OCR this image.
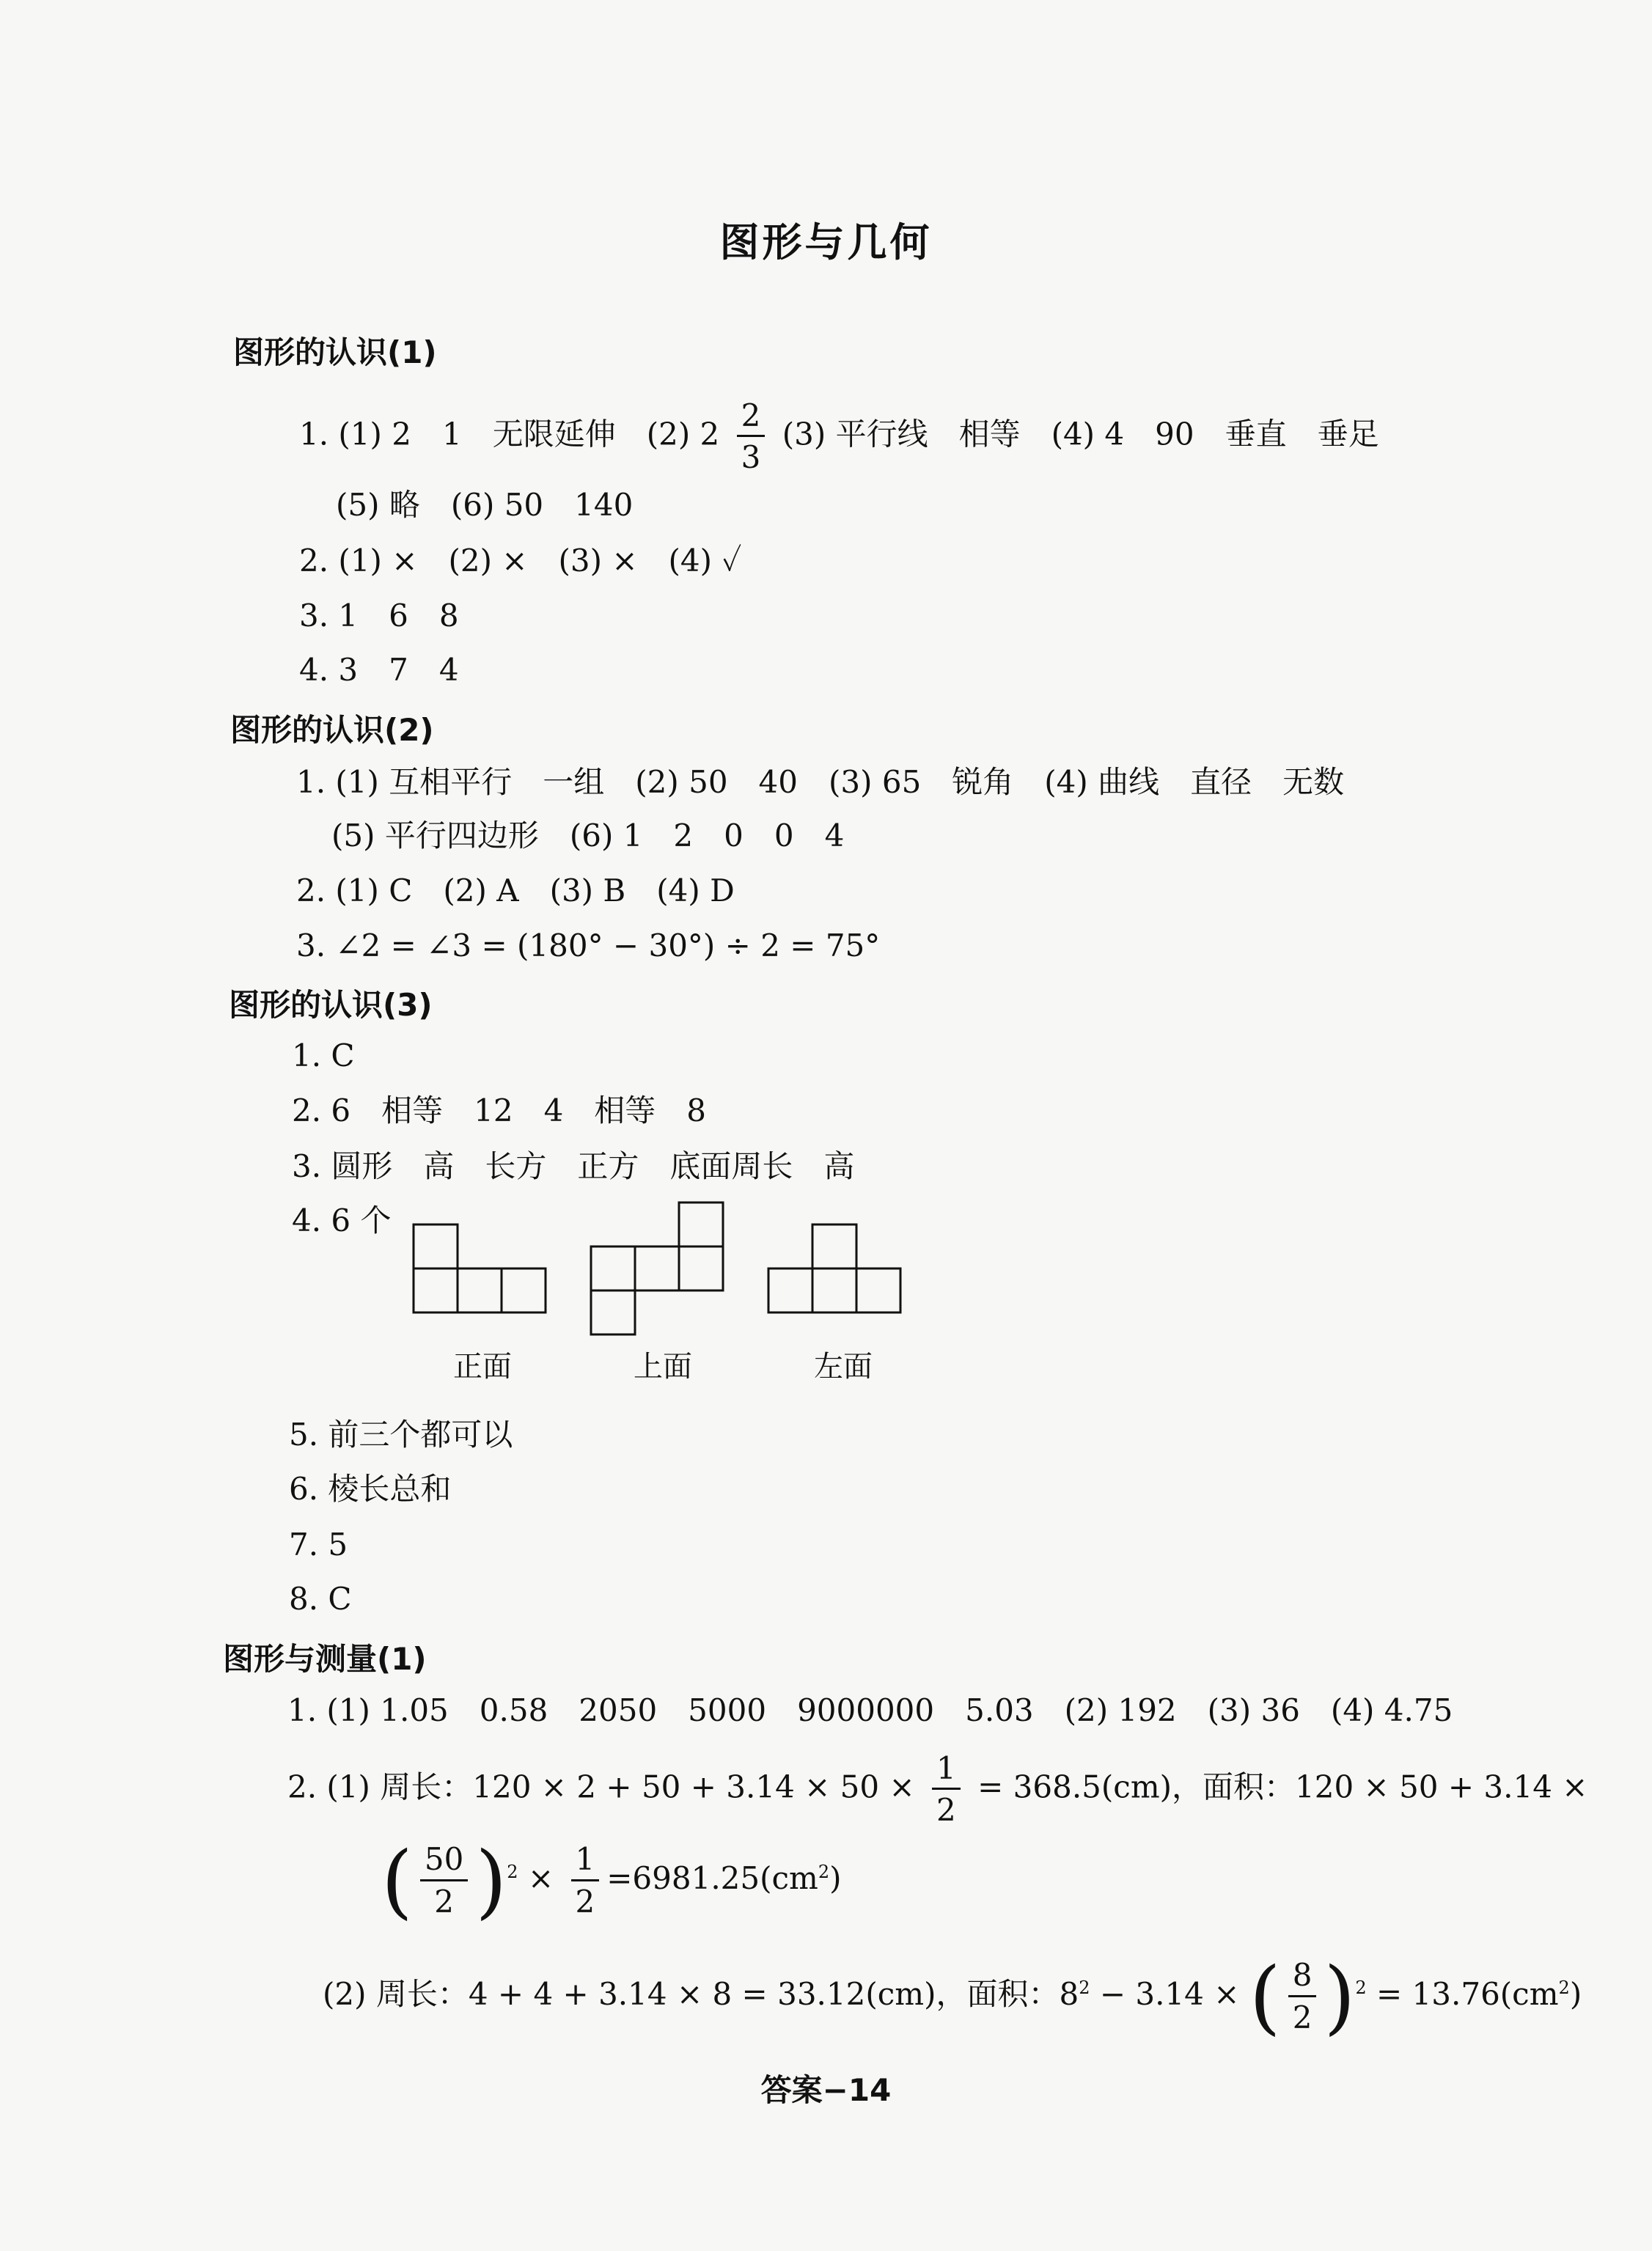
图形与几何
图形的认识(1)
1. (1) 2　1　无限延伸　(2) $2 \frac{2}{3} (3)$ 平行线　相等　(4) 4　90　垂直　垂足
(5) 略　(6) 50　140
2. (1) ×　(2) ×　(3) ×　(4) ✓
3. 1　6　8
4. 3　7　4
图形的认识(2)
1. (1) 互相平行　一组　(2) 50　40　(3) 65　锐角　(4) 曲线　直径　无数
(5) 平行四边形　(6) 1　2　0　0　4
2. (1) C　(2) A　(3) B　(4) D
3. ∠2 = ∠3 = (180° − 30°) ÷ 2 = 75°
图形的认识(3)
1. C
2. 6　相等　12　4　相等　8
3. 圆形　高　长方　正方　底面周长　高
4. 6 个
正面	上面	左面
5. 前三个都可以
6. 棱长总和
7. 5
8. C
图形与测量(1)
1. (1) 1.05　0.58　2050　5000　9000000　5.03　(2) 192　(3) 36　(4) 4.75
2. (1) 周长：$120 \times 2 + 50 + 3.14 \times 50 \times \frac{1}{2} = 368.5(cm)$，面积：120 × 50 + 3.14 ×
( $\frac{50}{2} )^2 \times \frac{1}{2} =6981.25(cm^2)$
(2) 周长：4 + 4 + 3.14 × 8 = 33.12(cm)，面积：$8^2 - 3.14$ × ( $\frac{8}{2} )^2 = 13.76(cm^2)$
答案−14
